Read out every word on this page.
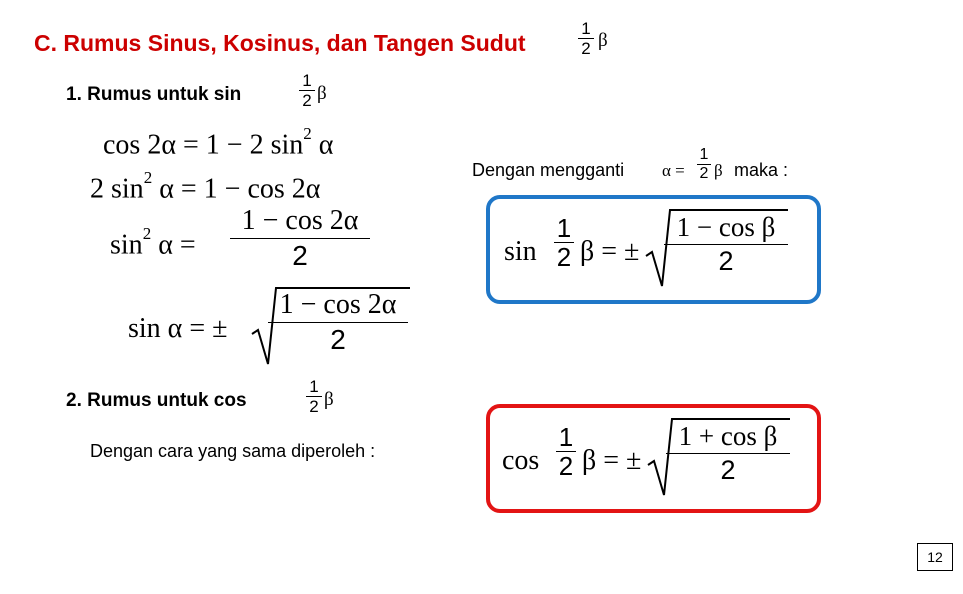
C. Rumus Sinus, Kosinus, dan Tangen Sudut
1
2 β
1. Rumus untuk sin
1
2 β
cos 2α = 1 − 2 $\sin^2 \alpha$
2 $\sin^2 \alpha = 1 - \cos 2\alpha$
$\sin^2 \alpha$ =
1 − cos 2α
2
sin α = ±
1 − cos 2α
2
Dengan mengganti α =
1
2 β maka :
sin
1
2 β = ±
1 − cos β
2
2. Rumus untuk cos
1
2 β
Dengan cara yang sama diperoleh :	cos
1
2 β = ±
1 + cos β
2
12
